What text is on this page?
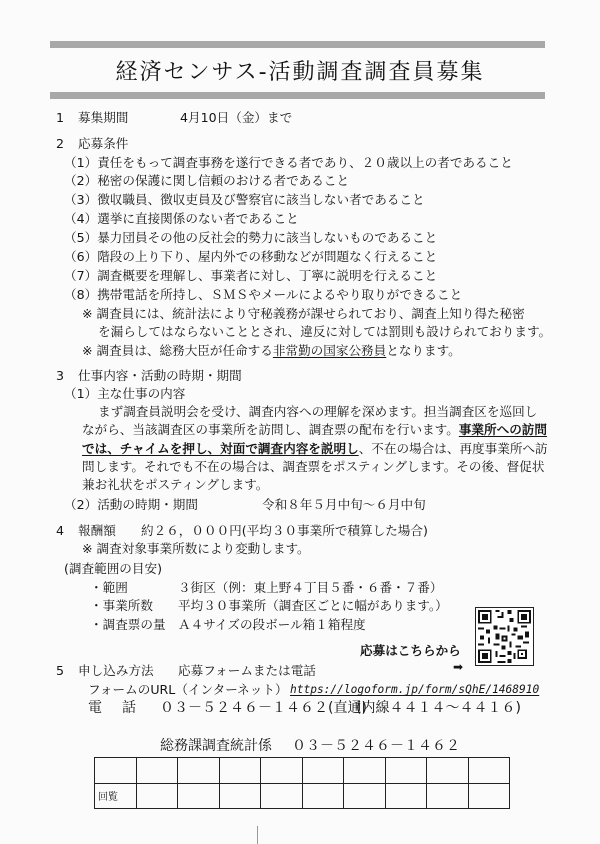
経済センサス‐活動調査調査員募集
1 募集期間	4月10日（金）まで
2 応募条件
（1）責任をもって調査事務を遂行できる者であり、２０歳以上の者であること
（2）秘密の保護に関し信頼のおける者であること
（3）徴収職員、徴収吏員及び警察官に該当しない者であること
（4）選挙に直接関係のない者であること
（5）暴力団員その他の反社会的勢力に該当しないものであること
（6）階段の上り下り、屋内外での移動などが問題なく行えること
（7）調査概要を理解し、事業者に対し、丁寧に説明を行えること
（8）携帯電話を所持し、ＳＭＳやメールによるやり取りができること
※ 調査員には、統計法により守秘義務が課せられており、調査上知り得た秘密
を漏らしてはならないこととされ、違反に対しては罰則も設けられております。
※ 調査員は、総務大臣が任命する非常勤の国家公務員となります。
3 仕事内容・活動の時期・期間
（1）主な仕事の内容
まず調査員説明会を受け、調査内容への理解を深めます。担当調査区を巡回し
ながら、当該調査区の事業所を訪問し、調査票の配布を行います。事業所への訪問
では、チャイムを押し、対面で調査内容を説明し、不在の場合は、再度事業所へ訪
問します。それでも不在の場合は、調査票をポスティングします。その後、督促状
兼お礼状をポスティングします。
（2）活動の時期・期間	令和８年５月中旬～６月中旬
4 報酬額 約２６，０００円(平均３０事業所で積算した場合)
※ 調査対象事業所数により変動します。
(調査範囲の目安)
・範囲	３街区（例：東上野４丁目５番・６番・７番）
・事業所数 平均３０事業所（調査区ごとに幅があります。）
・調査票の量 Ａ４サイズの段ボール箱１箱程度
応募はこちらから
➡
5 申し込み方法 応募フォームまたは電話
フォームのURL（インターネット） https://logoform.jp/form/sQhE/1468910
電　話 ０３－５２４６－１４６２(直通)
(内線４４１４～４４１６)
総務課調査統計係 ０３－５２４６－１４６２

回覧									
